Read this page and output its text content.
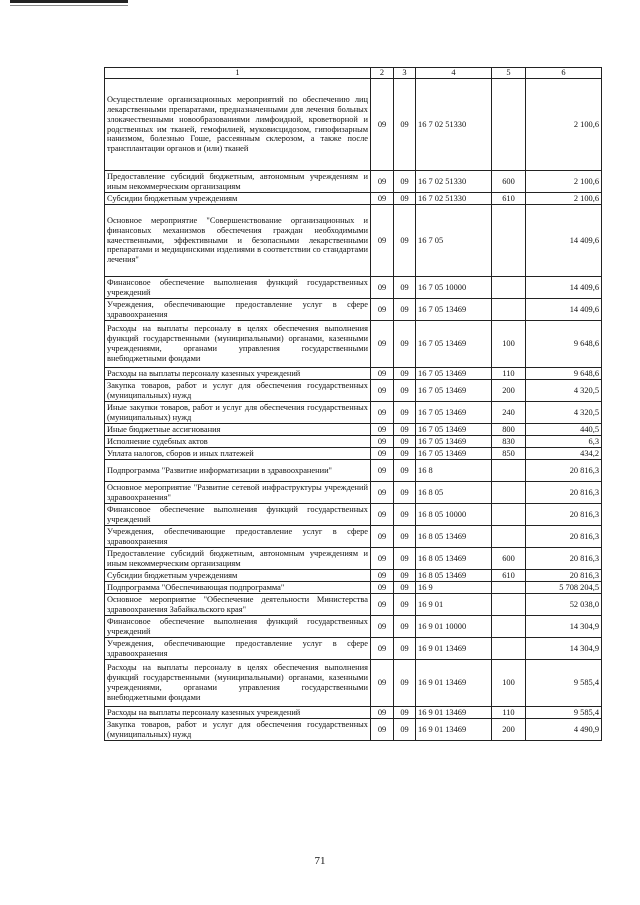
1	2	3	4	5	6
Осуществление организационных мероприятий по обеспечению лиц лекарственными препаратами, предназначенными для лечения больных злокачественными новообразованиями лимфоидной, кроветворной и родственных им тканей, гемофилией, муковисцидозом, гипофизарным нанизмом, болезнью Гоше, рассеянным склерозом, а также после трансплантации органов и (или) тканей	09	09	16 7 02 51330		2 100,6
Предоставление субсидий бюджетным, автономным учреждениям и иным некоммерческим организациям	09	09	16 7 02 51330	600	2 100,6
Субсидии бюджетным учреждениям	09	09	16 7 02 51330	610	2 100,6
Основное мероприятие "Совершенствование организационных и финансовых механизмов обеспечения граждан необходимыми качественными, эффективными и безопасными лекарственными препаратами и медицинскими изделиями в соответствии со стандартами лечения"	09	09	16 7 05		14 409,6
Финансовое обеспечение выполнения функций государственных учреждений	09	09	16 7 05 10000		14 409,6
Учреждения, обеспечивающие предоставление услуг в сфере здравоохранения	09	09	16 7 05 13469		14 409,6
Расходы на выплаты персоналу в целях обеспечения выполнения функций государственными (муниципальными) органами, казенными учреждениями, органами управления государственными внебюджетными фондами	09	09	16 7 05 13469	100	9 648,6
Расходы на выплаты персоналу казенных учреждений	09	09	16 7 05 13469	110	9 648,6
Закупка товаров, работ и услуг для обеспечения государственных (муниципальных) нужд	09	09	16 7 05 13469	200	4 320,5
Иные закупки товаров, работ и услуг для обеспечения государственных (муниципальных) нужд	09	09	16 7 05 13469	240	4 320,5
Иные бюджетные ассигнования	09	09	16 7 05 13469	800	440,5
Исполнение судебных актов	09	09	16 7 05 13469	830	6,3
Уплата налогов, сборов и иных платежей	09	09	16 7 05 13469	850	434,2
Подпрограмма "Развитие информатизации в здравоохранении"	09	09	16 8		20 816,3
Основное мероприятие "Развитие сетевой инфраструктуры учреждений здравоохранения"	09	09	16 8 05		20 816,3
Финансовое обеспечение выполнения функций государственных учреждений	09	09	16 8 05 10000		20 816,3
Учреждения, обеспечивающие предоставление услуг в сфере здравоохранения	09	09	16 8 05 13469		20 816,3
Предоставление субсидий бюджетным, автономным учреждениям и иным некоммерческим организациям	09	09	16 8 05 13469	600	20 816,3
Субсидии бюджетным учреждениям	09	09	16 8 05 13469	610	20 816,3
Подпрограмма "Обеспечивающая подпрограмма"	09	09	16 9		5 708 204,5
Основное мероприятие "Обеспечение деятельности Министерства здравоохранения Забайкальского края"	09	09	16 9 01		52 038,0
Финансовое обеспечение выполнения функций государственных учреждений	09	09	16 9 01 10000		14 304,9
Учреждения, обеспечивающие предоставление услуг в сфере здравоохранения	09	09	16 9 01 13469		14 304,9
Расходы на выплаты персоналу в целях обеспечения выполнения функций государственными (муниципальными) органами, казенными учреждениями, органами управления государственными внебюджетными фондами	09	09	16 9 01 13469	100	9 585,4
Расходы на выплаты персоналу казенных учреждений	09	09	16 9 01 13469	110	9 585,4
Закупка товаров, работ и услуг для обеспечения государственных (муниципальных) нужд	09	09	16 9 01 13469	200	4 490,9
71
